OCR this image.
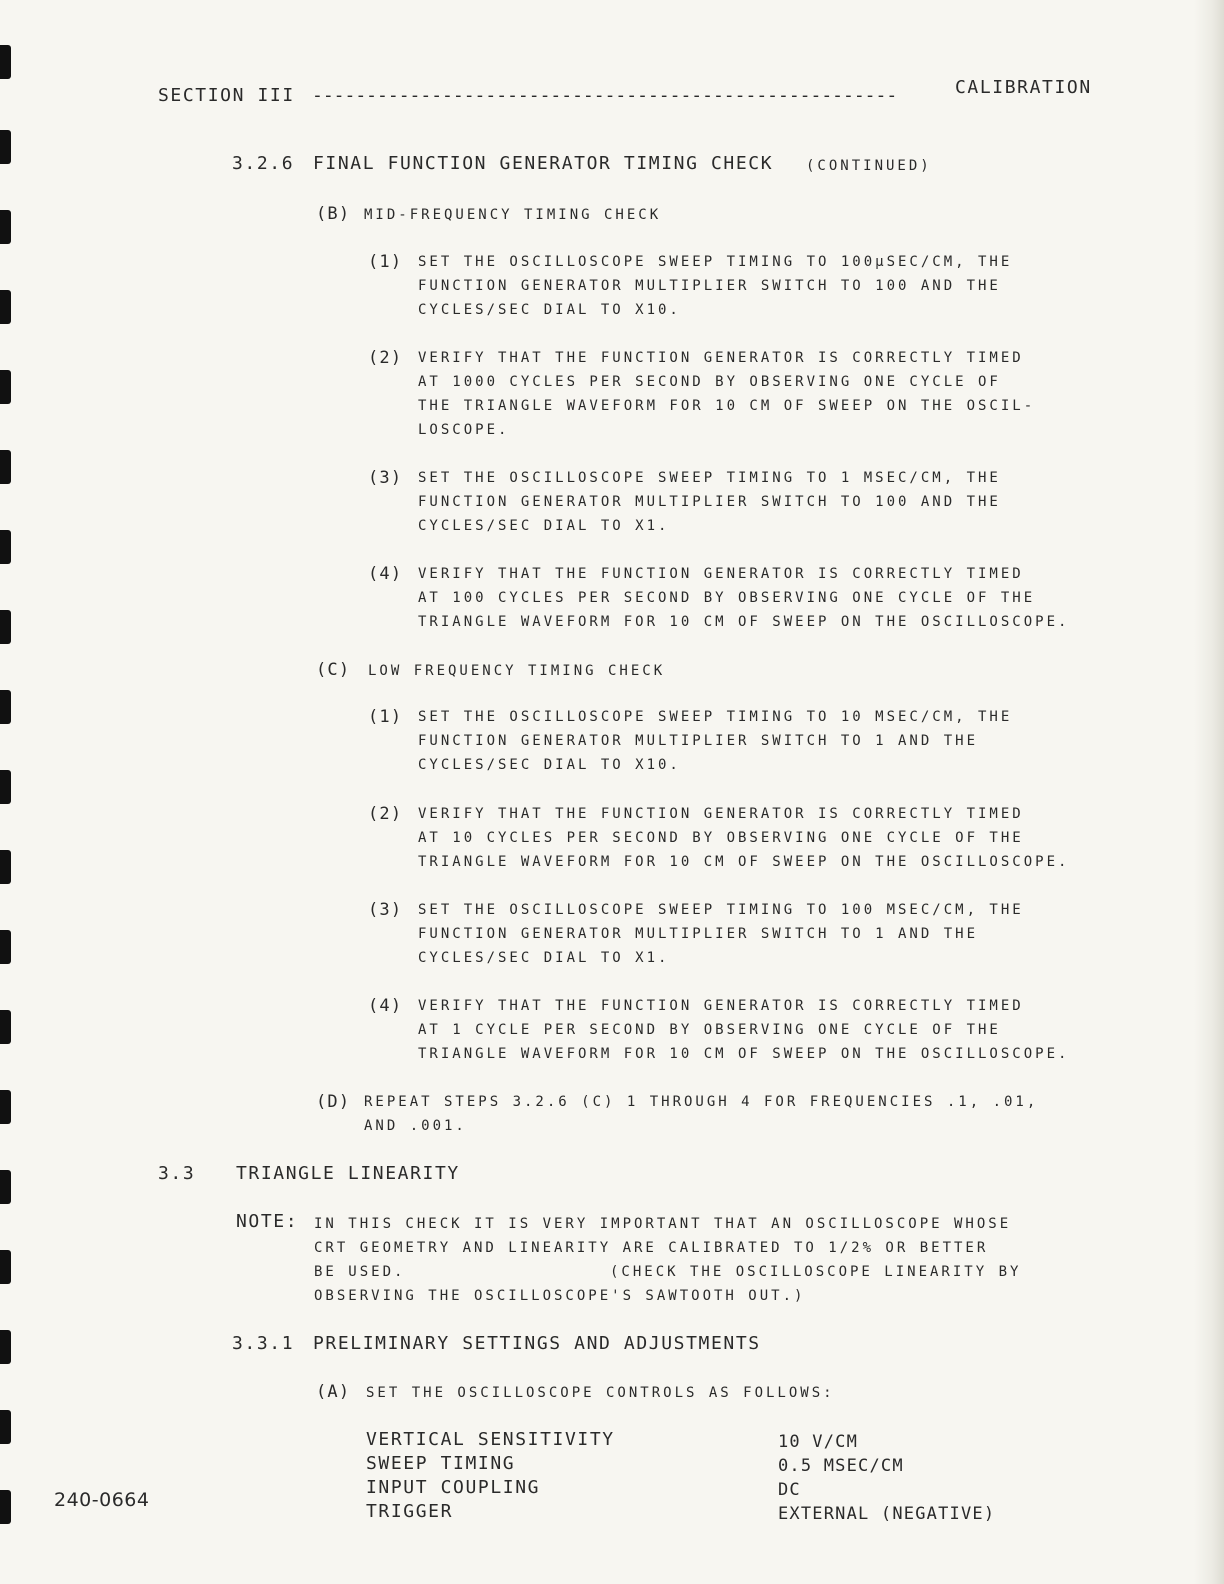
SECTION III ------------------------------------------------------	CALIBRATION
3.2.6 FINAL FUNCTION GENERATOR TIMING CHECK (CONTINUED)
(B) MID-FREQUENCY TIMING CHECK
(1) SET THE OSCILLOSCOPE SWEEP TIMING TO 100µSEC/CM, THE
FUNCTION GENERATOR MULTIPLIER SWITCH TO 100 AND THE
CYCLES/SEC DIAL TO X10.
(2) VERIFY THAT THE FUNCTION GENERATOR IS CORRECTLY TIMED
AT 1000 CYCLES PER SECOND BY OBSERVING ONE CYCLE OF
THE TRIANGLE WAVEFORM FOR 10 CM OF SWEEP ON THE OSCIL-
LOSCOPE.
(3) SET THE OSCILLOSCOPE SWEEP TIMING TO 1 MSEC/CM, THE
FUNCTION GENERATOR MULTIPLIER SWITCH TO 100 AND THE
CYCLES/SEC DIAL TO X1.
(4) VERIFY THAT THE FUNCTION GENERATOR IS CORRECTLY TIMED
AT 100 CYCLES PER SECOND BY OBSERVING ONE CYCLE OF THE
TRIANGLE WAVEFORM FOR 10 CM OF SWEEP ON THE OSCILLOSCOPE.
(C) LOW FREQUENCY TIMING CHECK
(1) SET THE OSCILLOSCOPE SWEEP TIMING TO 10 MSEC/CM, THE
FUNCTION GENERATOR MULTIPLIER SWITCH TO 1 AND THE
CYCLES/SEC DIAL TO X10.
(2) VERIFY THAT THE FUNCTION GENERATOR IS CORRECTLY TIMED
AT 10 CYCLES PER SECOND BY OBSERVING ONE CYCLE OF THE
TRIANGLE WAVEFORM FOR 10 CM OF SWEEP ON THE OSCILLOSCOPE.
(3) SET THE OSCILLOSCOPE SWEEP TIMING TO 100 MSEC/CM, THE
FUNCTION GENERATOR MULTIPLIER SWITCH TO 1 AND THE
CYCLES/SEC DIAL TO X1.
(4) VERIFY THAT THE FUNCTION GENERATOR IS CORRECTLY TIMED
AT 1 CYCLE PER SECOND BY OBSERVING ONE CYCLE OF THE
TRIANGLE WAVEFORM FOR 10 CM OF SWEEP ON THE OSCILLOSCOPE.
(D) REPEAT STEPS 3.2.6 (C) 1 THROUGH 4 FOR FREQUENCIES .1, .01,
AND .001.
3.3 TRIANGLE LINEARITY
NOTE: IN THIS CHECK IT IS VERY IMPORTANT THAT AN OSCILLOSCOPE WHOSE
CRT GEOMETRY AND LINEARITY ARE CALIBRATED TO 1/2% OR BETTER
BE USED.	(CHECK THE OSCILLOSCOPE LINEARITY BY
OBSERVING THE OSCILLOSCOPE'S SAWTOOTH OUT.)
3.3.1 PRELIMINARY SETTINGS AND ADJUSTMENTS
(A) SET THE OSCILLOSCOPE CONTROLS AS FOLLOWS:
VERTICAL SENSITIVITY	10 V/CM
SWEEP TIMING	0.5 MSEC/CM
INPUT COUPLING	DC
TRIGGER	EXTERNAL (NEGATIVE)
240-0664
